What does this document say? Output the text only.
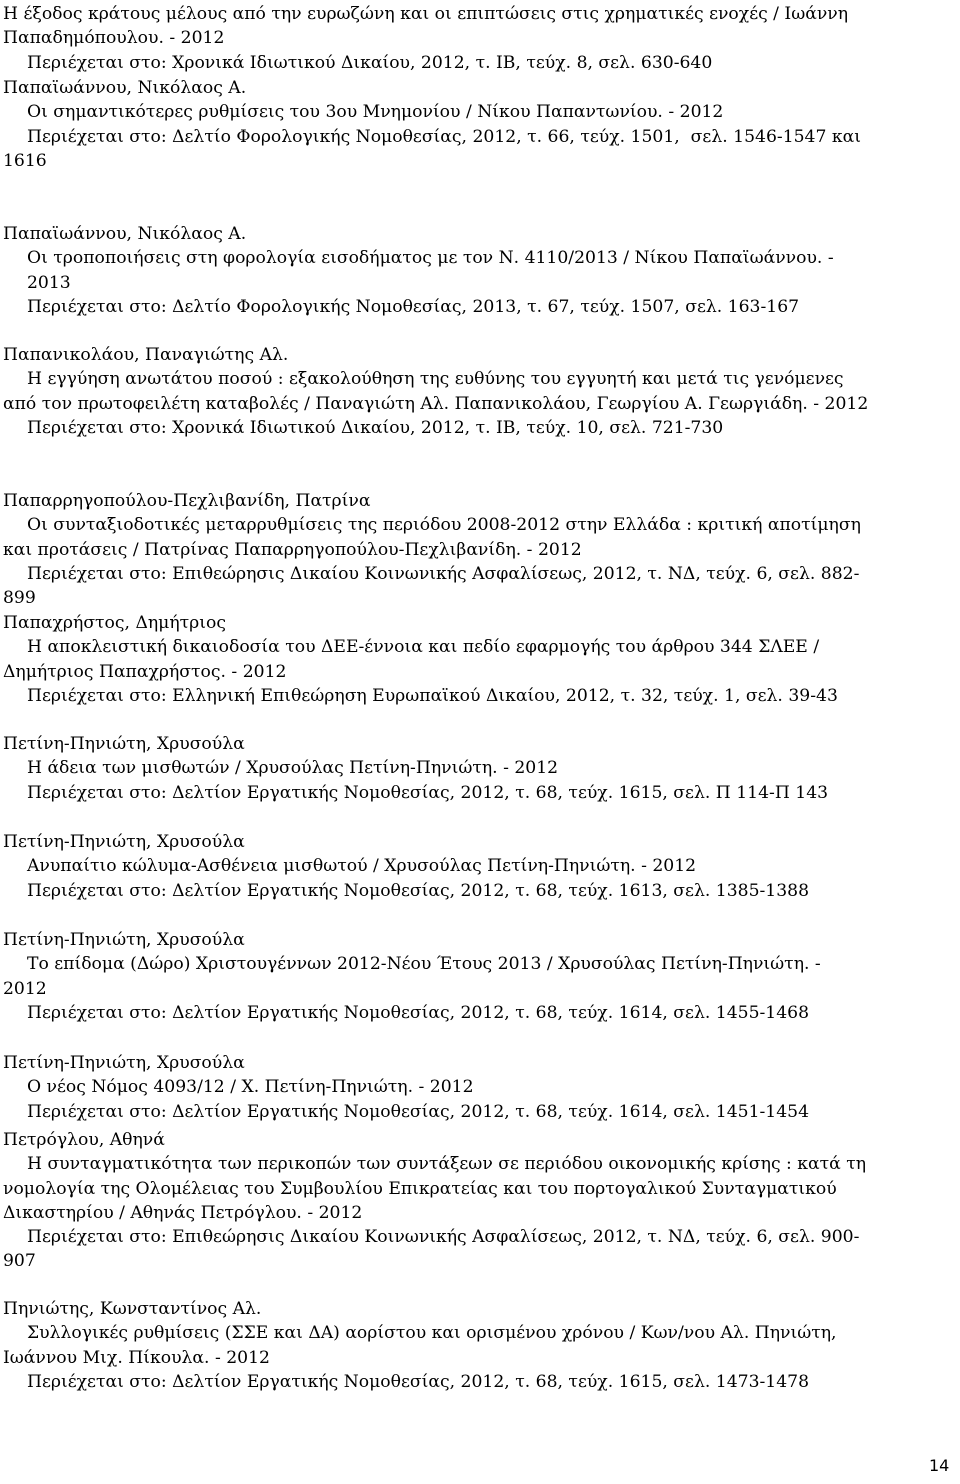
Η έξοδος κράτους μέλους από την ευρωζώνη και οι επιπτώσεις στις χρηματικές ενοχές / Ιωάννη
Παπαδημόπουλου. - 2012
Περιέχεται στο: Χρονικά Ιδιωτικού Δικαίου, 2012, τ. ΙΒ, τεύχ. 8, σελ. 630-640
Παπαϊωάννου, Νικόλαος Α.
Οι σημαντικότερες ρυθμίσεις του 3ου Μνημονίου / Νίκου Παπαντωνίου. - 2012
Περιέχεται στο: Δελτίο Φορολογικής Νομοθεσίας, 2012, τ. 66, τεύχ. 1501,  σελ. 1546-1547 και
1616
Παπαϊωάννου, Νικόλαος Α.
Οι τροποποιήσεις στη φορολογία εισοδήματος με τον Ν. 4110/2013 / Νίκου Παπαϊωάννου. -
2013
Περιέχεται στο: Δελτίο Φορολογικής Νομοθεσίας, 2013, τ. 67, τεύχ. 1507, σελ. 163-167
Παπανικολάου, Παναγιώτης Αλ.
Η εγγύηση ανωτάτου ποσού : εξακολούθηση της ευθύνης του εγγυητή και μετά τις γενόμενες
από τον πρωτοφειλέτη καταβολές / Παναγιώτη Αλ. Παπανικολάου, Γεωργίου Α. Γεωργιάδη. - 2012
Περιέχεται στο: Χρονικά Ιδιωτικού Δικαίου, 2012, τ. ΙΒ, τεύχ. 10, σελ. 721-730
Παπαρρηγοπούλου-Πεχλιβανίδη, Πατρίνα
Οι συνταξιοδοτικές μεταρρυθμίσεις της περιόδου 2008-2012 στην Ελλάδα : κριτική αποτίμηση
και προτάσεις / Πατρίνας Παπαρρηγοπούλου-Πεχλιβανίδη. - 2012
Περιέχεται στο: Επιθεώρησις Δικαίου Κοινωνικής Ασφαλίσεως, 2012, τ. ΝΔ, τεύχ. 6, σελ. 882-
899
Παπαχρήστος, Δημήτριος
Η αποκλειστική δικαιοδοσία του ΔΕΕ-έννοια και πεδίο εφαρμογής του άρθρου 344 ΣΛΕΕ /
Δημήτριος Παπαχρήστος. - 2012
Περιέχεται στο: Ελληνική Επιθεώρηση Ευρωπαϊκού Δικαίου, 2012, τ. 32, τεύχ. 1, σελ. 39-43
Πετίνη-Πηνιώτη, Χρυσούλα
Η άδεια των μισθωτών / Χρυσούλας Πετίνη-Πηνιώτη. - 2012
Περιέχεται στο: Δελτίον Εργατικής Νομοθεσίας, 2012, τ. 68, τεύχ. 1615, σελ. Π 114-Π 143
Πετίνη-Πηνιώτη, Χρυσούλα
Ανυπαίτιο κώλυμα-Ασθένεια μισθωτού / Χρυσούλας Πετίνη-Πηνιώτη. - 2012
Περιέχεται στο: Δελτίον Εργατικής Νομοθεσίας, 2012, τ. 68, τεύχ. 1613, σελ. 1385-1388
Πετίνη-Πηνιώτη, Χρυσούλα
Το επίδομα (Δώρο) Χριστουγέννων 2012-Νέου Έτους 2013 / Χρυσούλας Πετίνη-Πηνιώτη. -
2012
Περιέχεται στο: Δελτίον Εργατικής Νομοθεσίας, 2012, τ. 68, τεύχ. 1614, σελ. 1455-1468
Πετίνη-Πηνιώτη, Χρυσούλα
Ο νέος Νόμος 4093/12 / Χ. Πετίνη-Πηνιώτη. - 2012
Περιέχεται στο: Δελτίον Εργατικής Νομοθεσίας, 2012, τ. 68, τεύχ. 1614, σελ. 1451-1454
Πετρόγλου, Αθηνά
Η συνταγματικότητα των περικοπών των συντάξεων σε περιόδου οικονομικής κρίσης : κατά τη
νομολογία της Ολομέλειας του Συμβουλίου Επικρατείας και του πορτογαλικού Συνταγματικού
Δικαστηρίου / Αθηνάς Πετρόγλου. - 2012
Περιέχεται στο: Επιθεώρησις Δικαίου Κοινωνικής Ασφαλίσεως, 2012, τ. ΝΔ, τεύχ. 6, σελ. 900-
907
Πηνιώτης, Κωνσταντίνος Αλ.
Συλλογικές ρυθμίσεις (ΣΣΕ και ΔΑ) αορίστου και ορισμένου χρόνου / Κων/νου Αλ. Πηνιώτη,
Ιωάννου Μιχ. Πίκουλα. - 2012
Περιέχεται στο: Δελτίον Εργατικής Νομοθεσίας, 2012, τ. 68, τεύχ. 1615, σελ. 1473-1478
14
